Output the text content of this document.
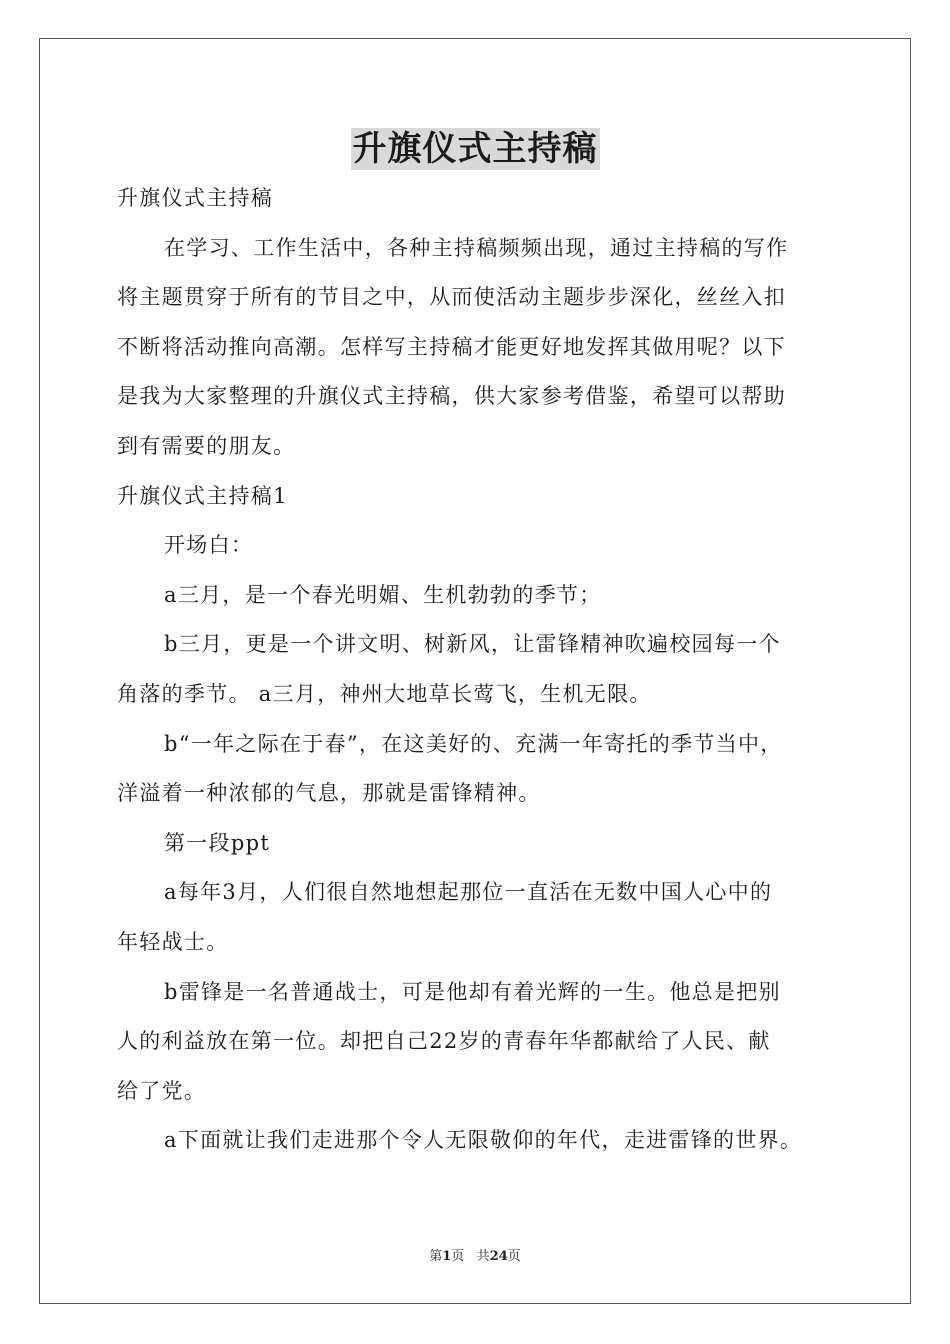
升旗仪式主持稿

升旗仪式主持稿

在学习、工作生活中，各种主持稿频频出现，通过主持稿的写作

将主题贯穿于所有的节目之中，从而使活动主题步步深化，丝丝入扣

不断将活动推向高潮。怎样写主持稿才能更好地发挥其做用呢？以下

是我为大家整理的升旗仪式主持稿，供大家参考借鉴，希望可以帮助

到有需要的朋友。

升旗仪式主持稿1

开场白：

a三月，是一个春光明媚、生机勃勃的季节；

b三月，更是一个讲文明、树新风，让雷锋精神吹遍校园每一个

角落的季节。 a三月，神州大地草长莺飞，生机无限。

b“一年之际在于春”，在这美好的、充满一年寄托的季节当中，

洋溢着一种浓郁的气息，那就是雷锋精神。

第一段ppt

a每年3月，人们很自然地想起那位一直活在无数中国人心中的

年轻战士。

b雷锋是一名普通战士，可是他却有着光辉的一生。他总是把别

人的利益放在第一位。却把自己22岁的青春年华都献给了人民、献

给了党。

a下面就让我们走进那个令人无限敬仰的年代，走进雷锋的世界。

第1页 共24页
